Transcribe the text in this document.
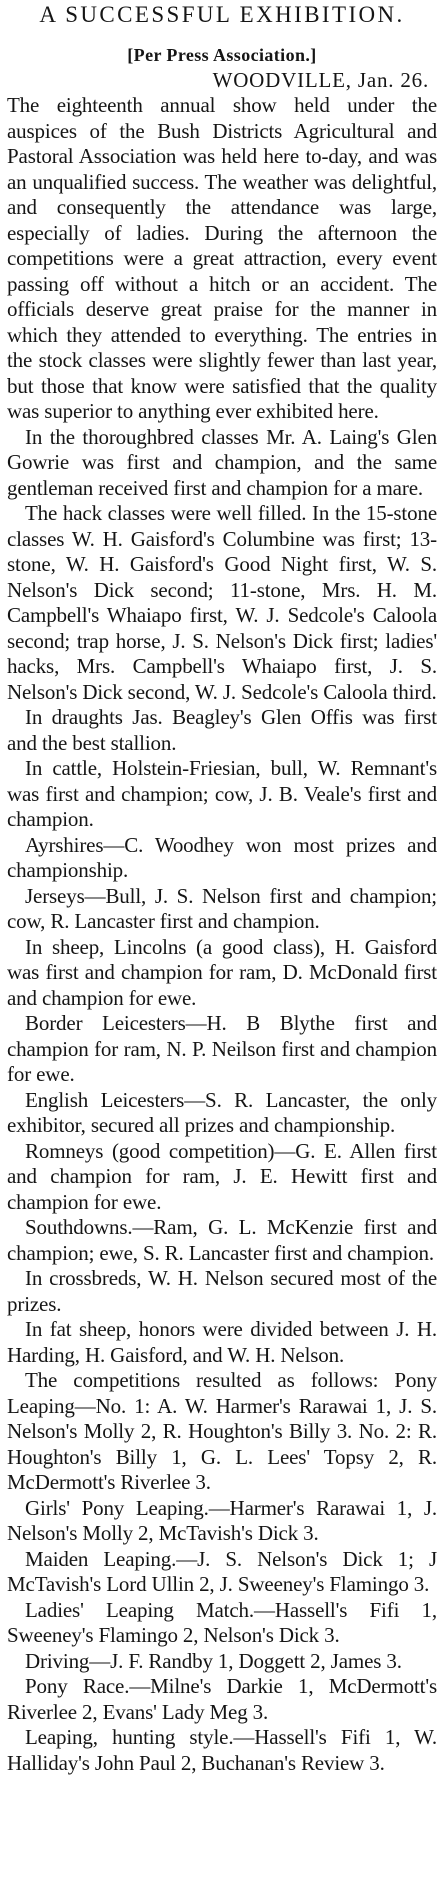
A SUCCESSFUL EXHIBITION.
[Per Press Association.]
WOODVILLE, Jan. 26.

The eighteenth annual show held under the auspices of the Bush Districts Agricultural and Pastoral Association was held here to-day, and was an unqualified success. The weather was delightful, and consequently the attendance was large, especially of ladies. During the afternoon the competitions were a great attraction, every event passing off without a hitch or an accident. The officials deserve great praise for the manner in which they attended to everything. The entries in the stock classes were slightly fewer than last year, but those that know were satisfied that the quality was superior to anything ever exhibited here.

In the thoroughbred classes Mr. A. Laing's Glen Gowrie was first and champion, and the same gentleman received first and champion for a mare.

The hack classes were well filled. In the 15-stone classes W. H. Gaisford's Columbine was first; 13-stone, W. H. Gaisford's Good Night first, W. S. Nelson's Dick second; 11-stone, Mrs. H. M. Campbell's Whaiapo first, W. J. Sedcole's Caloola second; trap horse, J. S. Nelson's Dick first; ladies' hacks, Mrs. Campbell's Whaiapo first, J. S. Nelson's Dick second, W. J. Sedcole's Caloola third.

In draughts Jas. Beagley's Glen Offis was first and the best stallion.

In cattle, Holstein-Friesian, bull, W. Remnant's was first and champion; cow, J. B. Veale's first and champion.

Ayrshires—C. Woodhey won most prizes and championship.

Jerseys—Bull, J. S. Nelson first and champion; cow, R. Lancaster first and champion.

In sheep, Lincolns (a good class), H. Gaisford was first and champion for ram, D. McDonald first and champion for ewe.

Border Leicesters—H. B Blythe first and champion for ram, N. P. Neilson first and champion for ewe.

English Leicesters—S. R. Lancaster, the only exhibitor, secured all prizes and championship.

Romneys (good competition)—G. E. Allen first and champion for ram, J. E. Hewitt first and champion for ewe.

Southdowns.—Ram, G. L. McKenzie first and champion; ewe, S. R. Lancaster first and champion.

In crossbreds, W. H. Nelson secured most of the prizes.

In fat sheep, honors were divided between J. H. Harding, H. Gaisford, and W. H. Nelson.

The competitions resulted as follows: Pony Leaping—No. 1: A. W. Harmer's Rarawai 1, J. S. Nelson's Molly 2, R. Houghton's Billy 3. No. 2: R. Houghton's Billy 1, G. L. Lees' Topsy 2, R. McDermott's Riverlee 3.

Girls' Pony Leaping.—Harmer's Rarawai 1, J. Nelson's Molly 2, McTavish's Dick 3.

Maiden Leaping.—J. S. Nelson's Dick 1; J McTavish's Lord Ullin 2, J. Sweeney's Flamingo 3.

Ladies' Leaping Match.—Hassell's Fifi 1, Sweeney's Flamingo 2, Nelson's Dick 3.

Driving—J. F. Randby 1, Doggett 2, James 3.

Pony Race.—Milne's Darkie 1, McDermott's Riverlee 2, Evans' Lady Meg 3.

Leaping, hunting style.—Hassell's Fifi 1, W. Halliday's John Paul 2, Buchanan's Review 3.
